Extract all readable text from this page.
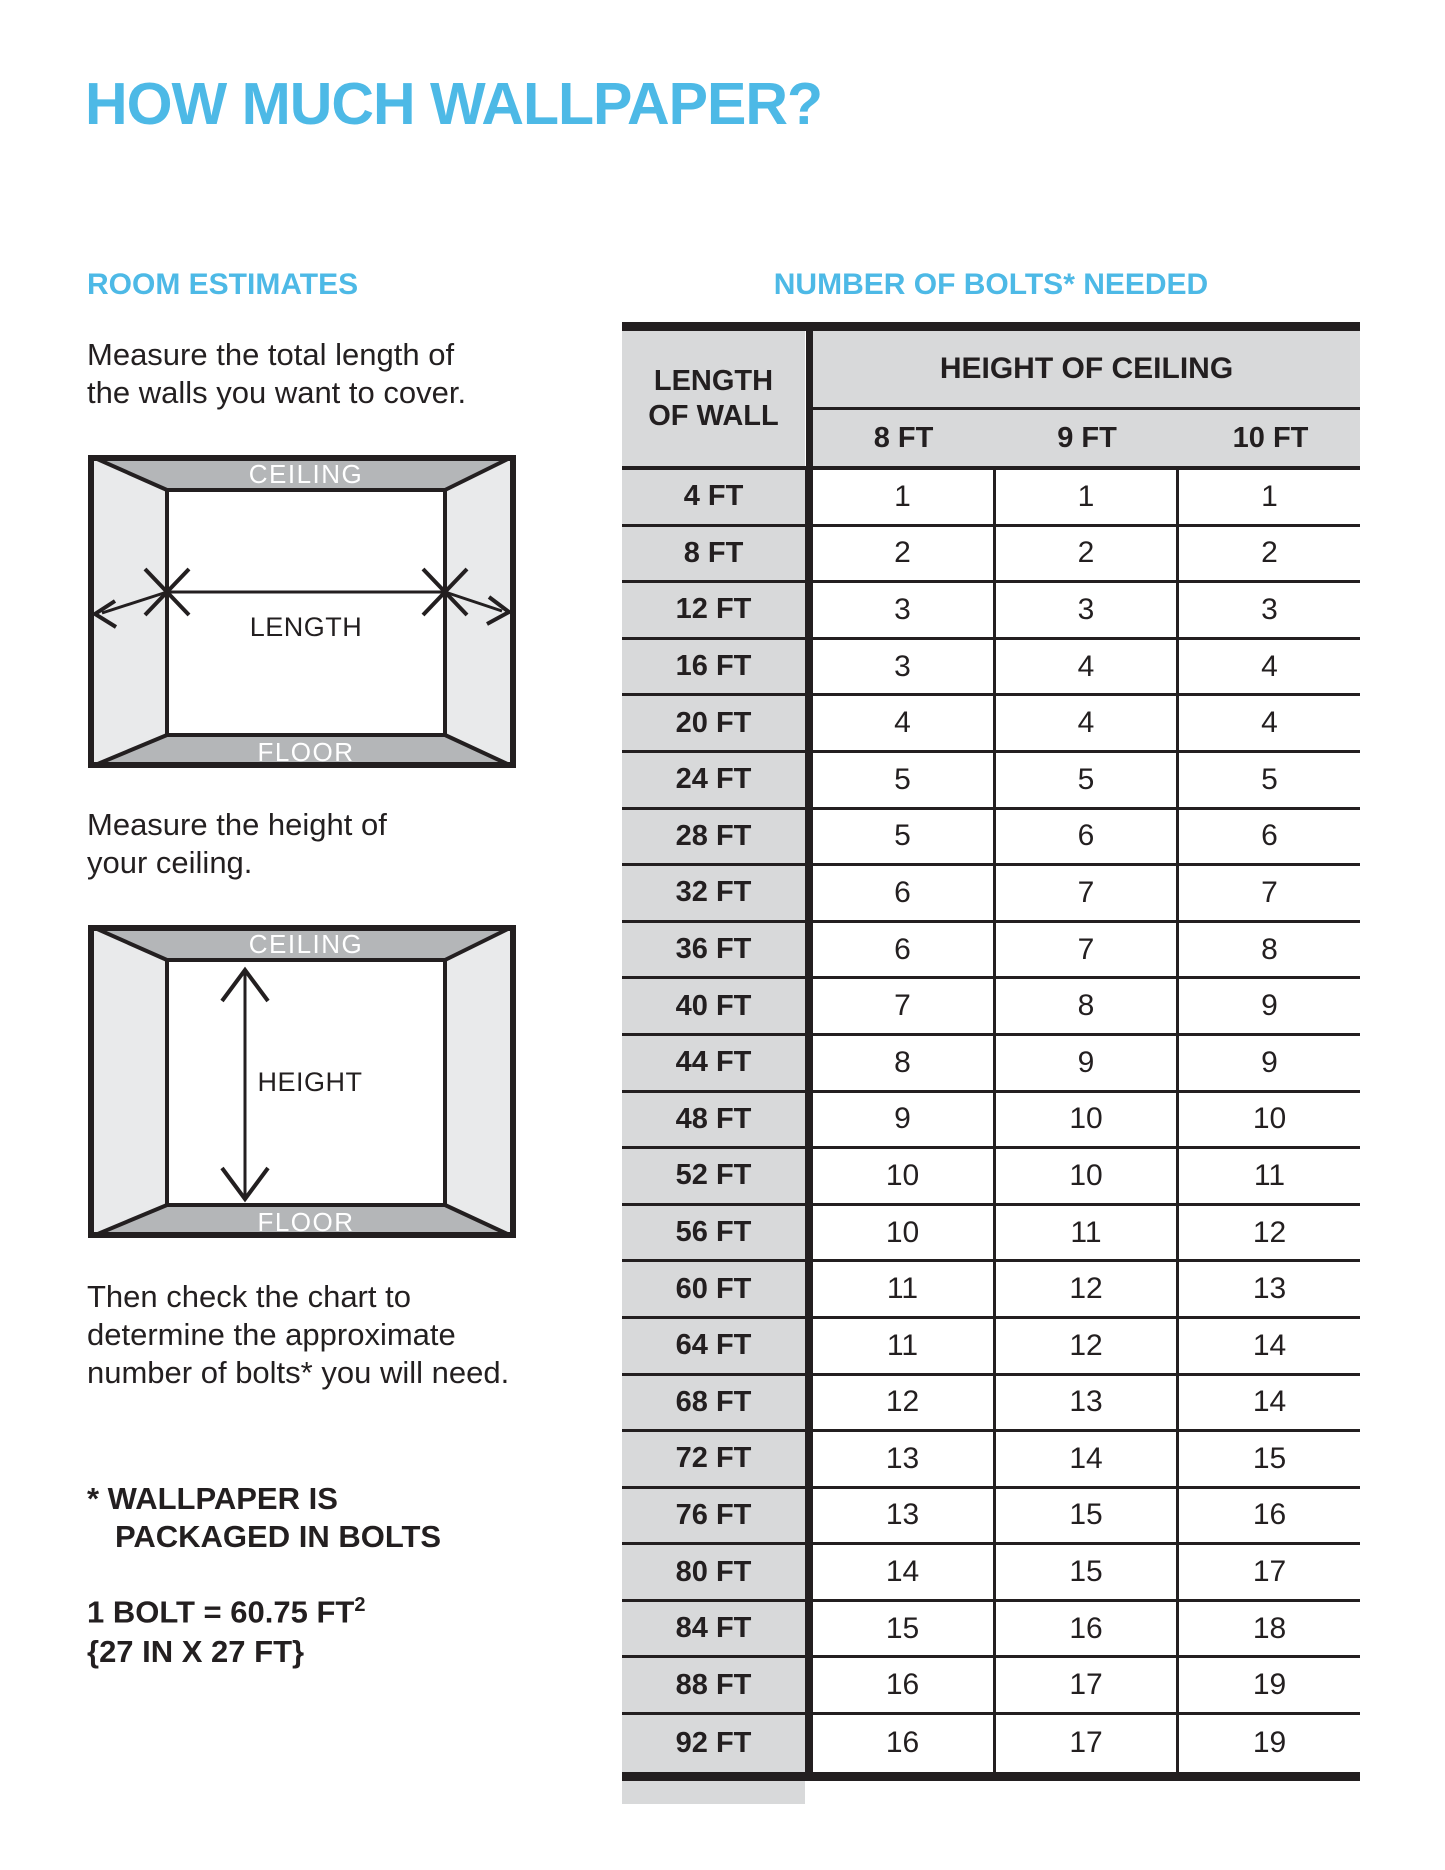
HOW MUCH WALLPAPER?
ROOM ESTIMATES	NUMBER OF BOLTS* NEEDED
Measure the total length of
the walls you want to cover.
CEILING
LENGTH
FLOOR
Measure the height of
your ceiling.
CEILING
HEIGHT
FLOOR
Then check the chart to
determine the approximate
number of bolts* you will need.
* WALLPAPER IS
PACKAGED IN BOLTS
1 BOLT = 60.75 $FT^2$
{27 IN X 27 FT}
LENGTH
OF WALL
HEIGHT OF CEILING
8 FT	9 FT	10 FT
4 FT	1	1	1
8 FT	2	2	2
12 FT	3	3	3
16 FT	3	4	4
20 FT	4	4	4
24 FT	5	5	5
28 FT	5	6	6
32 FT	6	7	7
36 FT	6	7	8
40 FT	7	8	9
44 FT	8	9	9
48 FT	9	10	10
52 FT	10	10	11
56 FT	10	11	12
60 FT	11	12	13
64 FT	11	12	14
68 FT	12	13	14
72 FT	13	14	15
76 FT	13	15	16
80 FT	14	15	17
84 FT	15	16	18
88 FT	16	17	19
92 FT	16	17	19
